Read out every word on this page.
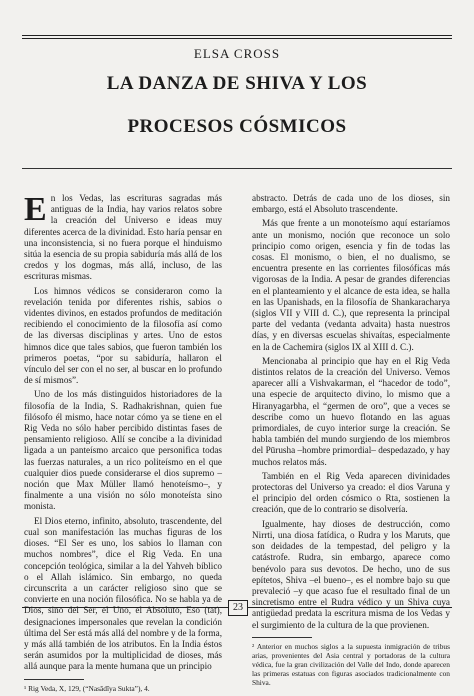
ELSA CROSS
LA DANZA DE SHIVA Y LOS
PROCESOS CÓSMICOS

En los Vedas, las escrituras sagradas más antiguas de la India, hay varios relatos sobre la creación del Universo e ideas muy diferentes acerca de la divinidad. Esto haría pensar en una inconsistencia, si no fuera porque el hinduismo sitúa la esencia de su propia sabiduría más allá de los credos y los dogmas, más allá, incluso, de las escrituras mismas.

Los himnos védicos se consideraron como la revelación tenida por diferentes rishis, sabios o videntes divinos, en estados profundos de meditación recibiendo el conocimiento de la filosofía así como de las diversas disciplinas y artes. Uno de estos himnos dice que tales sabios, que fueron también los primeros poetas, “por su sabiduría, hallaron el vínculo del ser con el no ser, al buscar en lo profundo de sí mismos”.

Uno de los más distinguidos historiadores de la filosofía de la India, S. Radhakrishnan, quien fue filósofo él mismo, hace notar cómo ya se tiene en el Rig Veda no sólo haber percibido distintas fases de pensamiento religioso. Allí se concibe a la divinidad ligada a un panteísmo arcaico que personifica todas las fuerzas naturales, a un rico politeísmo en el que cualquier dios puede considerarse el dios supremo –noción que Max Müller llamó henoteísmo–, y finalmente a una visión no sólo monoteísta sino monista.

El Dios eterno, infinito, absoluto, trascendente, del cual son manifestación las muchas figuras de los dioses. “El Ser es uno, los sabios lo llaman con muchos nombres”, dice el Rig Veda. En una concepción teológica, similar a la del Yahveh bíblico o el Allah islámico. Sin embargo, no queda circunscrita a un carácter religioso sino que se convierte en una noción filosófica. No se habla ya de Dios, sino del Ser, el Uno, el Absoluto, Eso (tat), designaciones impersonales que revelan la condición última del Ser está más allá del nombre y de la forma, y más allá también de los atributos. En la India éstos serán asumidos por la multiplicidad de dioses, más allá aunque para la mente humana que un principio

¹ Rig Veda, X, 129, (“Nasādīya Sukta”), 4.

abstracto. Detrás de cada uno de los dioses, sin embargo, está el Absoluto trascendente.

Más que frente a un monoteísmo aquí estaríamos ante un monismo, noción que reconoce un solo principio como origen, esencia y fin de todas las cosas. El monismo, o bien, el no dualismo, se encuentra presente en las corrientes filosóficas más vigorosas de la India. A pesar de grandes diferencias en el planteamiento y el alcance de esta idea, se halla en las Upanishads, en la filosofía de Shankaracharya (siglos VII y VIII d. C.), que representa la principal parte del vedanta (vedanta advaita) hasta nuestros días, y en diversas escuelas shivaítas, especialmente en la de Cachemira (siglos IX al XIII d. C.).

Mencionaba al principio que hay en el Rig Veda distintos relatos de la creación del Universo. Vemos aparecer allí a Vishvakarman, el “hacedor de todo”, una especie de arquitecto divino, lo mismo que a Hiranyagarbha, el “germen de oro”, que a veces se describe como un huevo flotando en las aguas primordiales, de cuyo interior surge la creación. Se habla también del mundo surgiendo de los miembros del Pūrusha –hombre primordial– despedazado, y hay muchos relatos más.

También en el Rig Veda aparecen divinidades protectoras del Universo ya creado: el dios Varuna y el principio del orden cósmico o Rta, sostienen la creación, que de lo contrario se disolvería.

Igualmente, hay dioses de destrucción, como Nirrti, una diosa fatídica, o Rudra y los Maruts, que son deidades de la tempestad, del peligro y la catástrofe. Rudra, sin embargo, aparece como benévolo para sus devotos. De hecho, uno de sus epítetos, Shiva –el bueno–, es el nombre bajo su que prevaleció –y que acaso fue el resultado final de un sincretismo entre el Rudra védico y un Shiva cuya antigüedad predata la escritura misma de los Vedas y el surgimiento de la cultura de la que provienen.

² Anterior en muchos siglos a la supuesta inmigración de tribus arias, provenientes del Asia central y portadoras de la cultura védica, fue la gran civilización del Valle del Indo, donde aparecen las primeras estatuas con figuras asociados tradicionalmente con Shiva.

23
